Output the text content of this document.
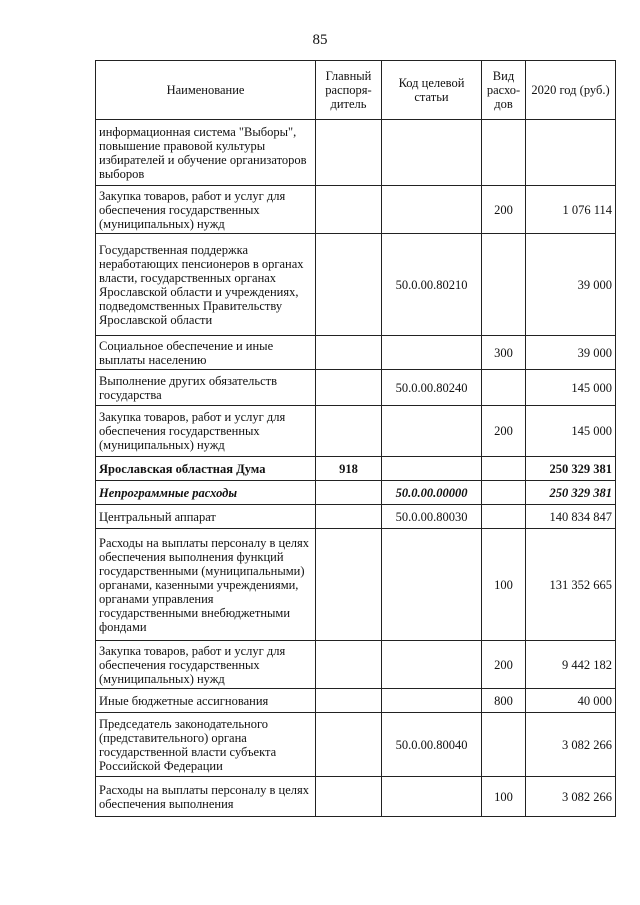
85
Наименование	Главный распоря-дитель	Код целевой статьи	Вид расхо-дов	2020 год (руб.)
информационная система "Выборы", повышение правовой культуры избирателей и обучение организаторов выборов				
Закупка товаров, работ и услуг для обеспечения государственных (муниципальных) нужд			200	1 076 114
Государственная поддержка неработающих пенсионеров в органах власти, государственных органах Ярославской области и учреждениях, подведомственных Правительству Ярославской области		50.0.00.80210		39 000
Социальное обеспечение и иные выплаты населению			300	39 000
Выполнение других обязательств государства		50.0.00.80240		145 000
Закупка товаров, работ и услуг для обеспечения государственных (муниципальных) нужд			200	145 000
Ярославская областная Дума	918			250 329 381
Непрограммные расходы		50.0.00.00000		250 329 381
Центральный аппарат		50.0.00.80030		140 834 847
Расходы на выплаты персоналу в целях обеспечения выполнения функций государственными (муниципальными) органами, казенными учреждениями, органами управления государственными внебюджетными фондами			100	131 352 665
Закупка товаров, работ и услуг для обеспечения государственных (муниципальных) нужд			200	9 442 182
Иные бюджетные ассигнования			800	40 000
Председатель законодательного (представительного) органа государственной власти субъекта Российской Федерации		50.0.00.80040		3 082 266
Расходы на выплаты персоналу в целях обеспечения выполнения			100	3 082 266
